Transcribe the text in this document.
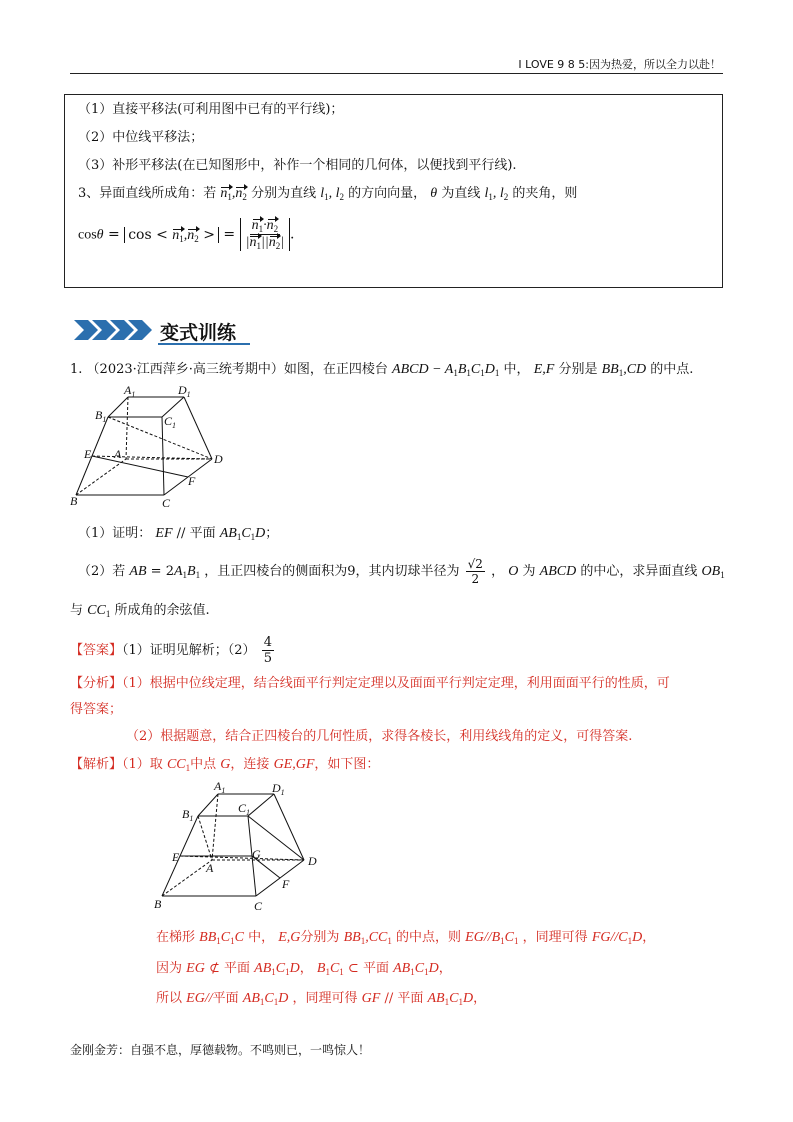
I LOVE 9 8 5:因为热爱，所以全力以赴！
（1）直接平移法(可利用图中已有的平行线)；
（2）中位线平移法；
（3）补形平移法(在已知图形中，补作一个相同的几何体，以便找到平行线).
3、异面直线所成角：若 $n_1,n_2$ 分别为直线 $l_1$, $l_2$ 的方向向量， θ 为直线 $l_1$, $l_2$ 的夹角，则
$\cos\theta = \cos < n_1,n_2$ > = $\frac{n_1\cdot n_2}{|n_1||n_2|}$ .
变式训练
1. （2023·江西萍乡·高三统考期中）如图，在正四棱台 ABCD − $A_1B_1C_1D_1$ 中， E,F 分别是 $BB_1,CD$ 的中点.
$A_1$	$D_1$
$B_1$	$C_1$
E A	D
F
B	C
（1）证明： EF // 平面 $AB_1C_1D$；
（2）若 AB = $2A_1B_1$ ，且正四棱台的侧面积为9，其内切球半径为 $\frac{√2}{2}$ ， O 为 ABCD 的中心，求异面直线 $OB_1$
与 $CC_1$ 所成角的余弦值.
【答案】（1）证明见解析；$(2) \frac{4}{5}$
【分析】（1）根据中位线定理，结合线面平行判定定理以及面面平行判定定理，利用面面平行的性质，可
得答案；
（2）根据题意，结合正四棱台的几何性质，求得各棱长，利用线线角的定义，可得答案.
【解析】（1）取 $CC_1$中点 G，连接 GE,GF，如下图：
$A_1$	$D_1$
$B_1$
$C_1$
E	G
A	D
F
B	C
在梯形 $BB_1C_1C$ 中， E,G分别为 $BB_1,CC_1$ 的中点，则 $EG//B_1C_1$ ，同理可得 $FG//C_1D$，
因为 EG ⊄ 平面 $AB_1C_1D$， $B_1C_1$ ⊂ 平面 $AB_1C_1D$，
所以 EG//平面 $AB_1C_1D$ ，同理可得 GF // 平面 $AB_1C_1D$，
金刚金芳：自强不息，厚德载物。不鸣则已，一鸣惊人！
